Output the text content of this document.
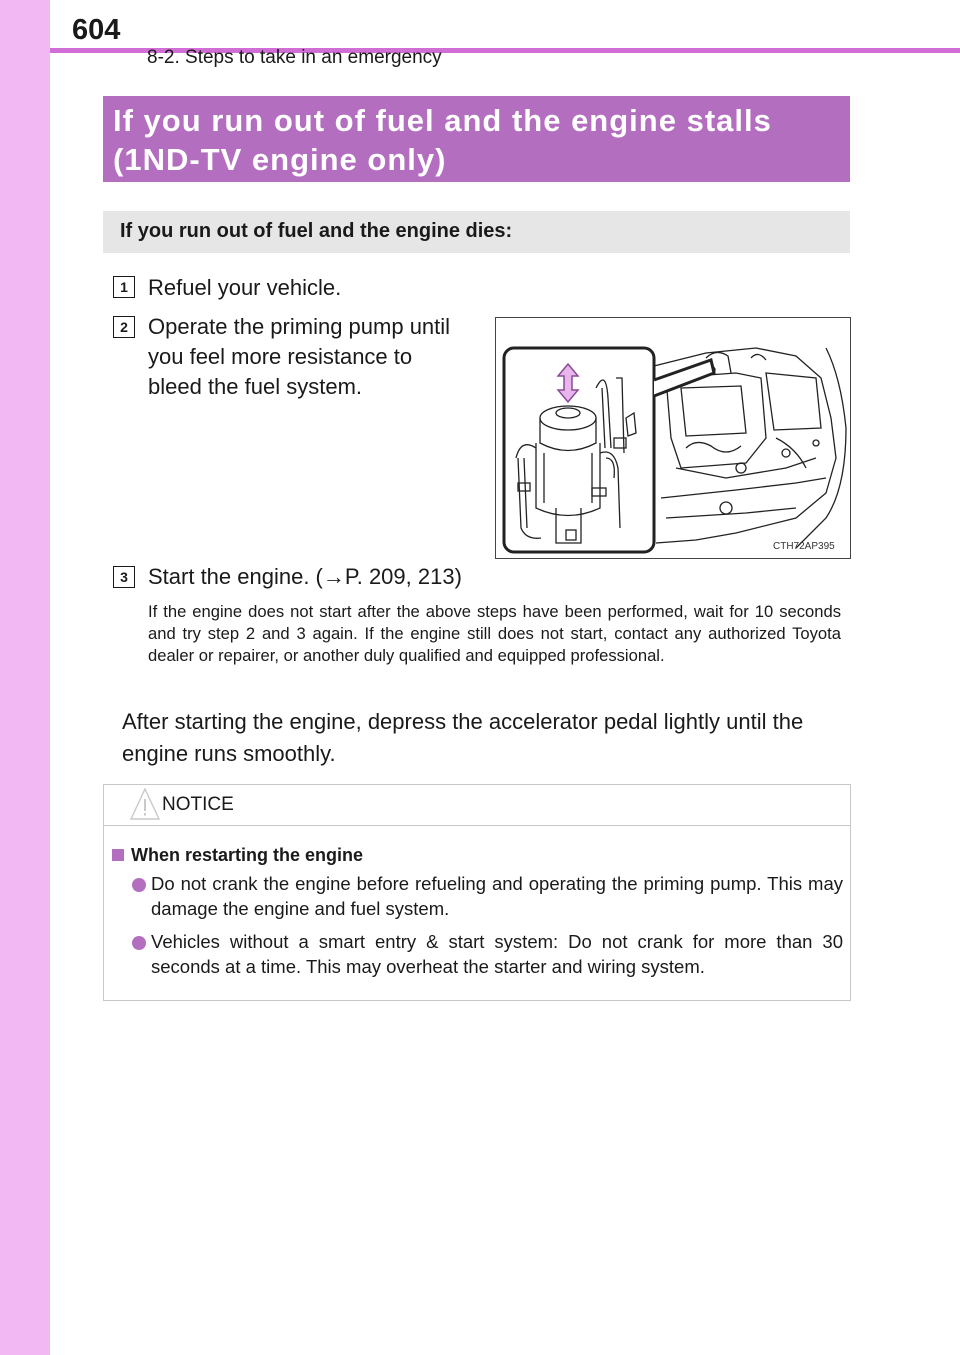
604
8-2. Steps to take in an emergency
If you run out of fuel and the engine stalls
(1ND-TV engine only)
If you run out of fuel and the engine dies:
1 Refuel your vehicle.
2 Operate the priming pump until
you feel more resistance to
bleed the fuel system.
CTH72AP395
3 Start the engine. (→P. 209, 213)
If the engine does not start after the above steps have been performed, wait for 10 seconds and try step 2 and 3 again. If the engine still does not start, contact any authorized Toyota dealer or repairer, or another duly qualified and equipped professional.
After starting the engine, depress the accelerator pedal lightly until the engine runs smoothly.
NOTICE
When restarting the engine
Do not crank the engine before refueling and operating the priming pump. This may damage the engine and fuel system.
Vehicles without a smart entry & start system: Do not crank for more than 30 seconds at a time. This may overheat the starter and wiring system.
